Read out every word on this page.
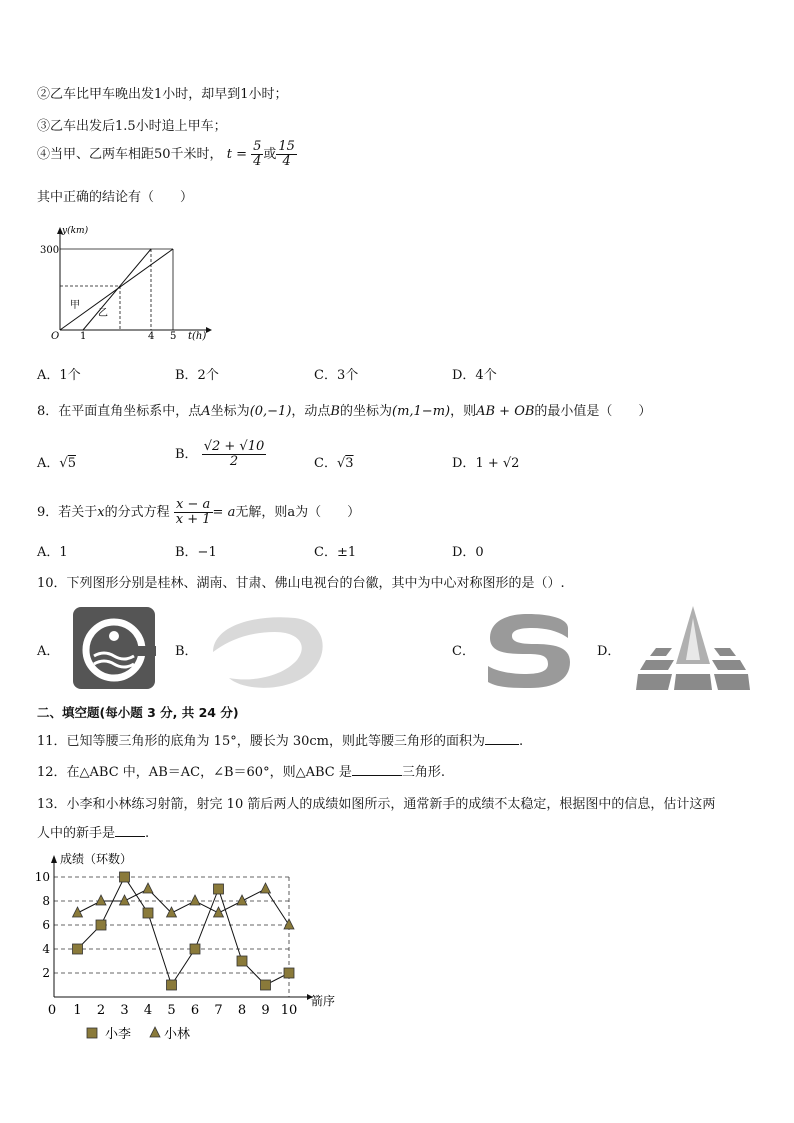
②乙车比甲车晚出发1小时，却早到1小时；
③乙车出发后1.5小时追上甲车；
④当甲、乙两车相距50千米时， $t = \frac{5}{4}$ 或 $\frac{15}{4}$
其中正确的结论有（　　）
y(km)
300
O 1	4 5 t(h)
甲
乙
A．1个	B．2个	C．3个	D．4个
8．在平面直角坐标系中，点A坐标为(0,−1)，动点B的坐标为(m,1−m)，则AB + OB的最小值是（　　）
A．√5
B． $\frac{√2 + √10}{2}$	C．√3	D．1 + √2
9．若关于x的分式方程 $\frac{x - a}{x + 1} = a$无解，则a为（　　）
A．1	B．−1	C．±1	D．0
10．下列图形分别是桂林、湖南、甘肃、佛山电视台的台徽，其中为中心对称图形的是（）.
A．	B．	C．	D．
二、填空题(每小题 3 分, 共 24 分)
11．已知等腰三角形的底角为 15°，腰长为 30cm，则此等腰三角形的面积为	.
12．在△ABC 中，AB＝AC，∠B＝60°，则△ABC 是	三角形.
13．小李和小林练习射箭，射完 10 箭后两人的成绩如图所示，通常新手的成绩不太稳定，根据图中的信息，估计这两
人中的新手是 .
成绩（环数）
2
4
6
8
10
0 1 2 3 4 5 6 7 8 9 10
箭序
小李	小林
